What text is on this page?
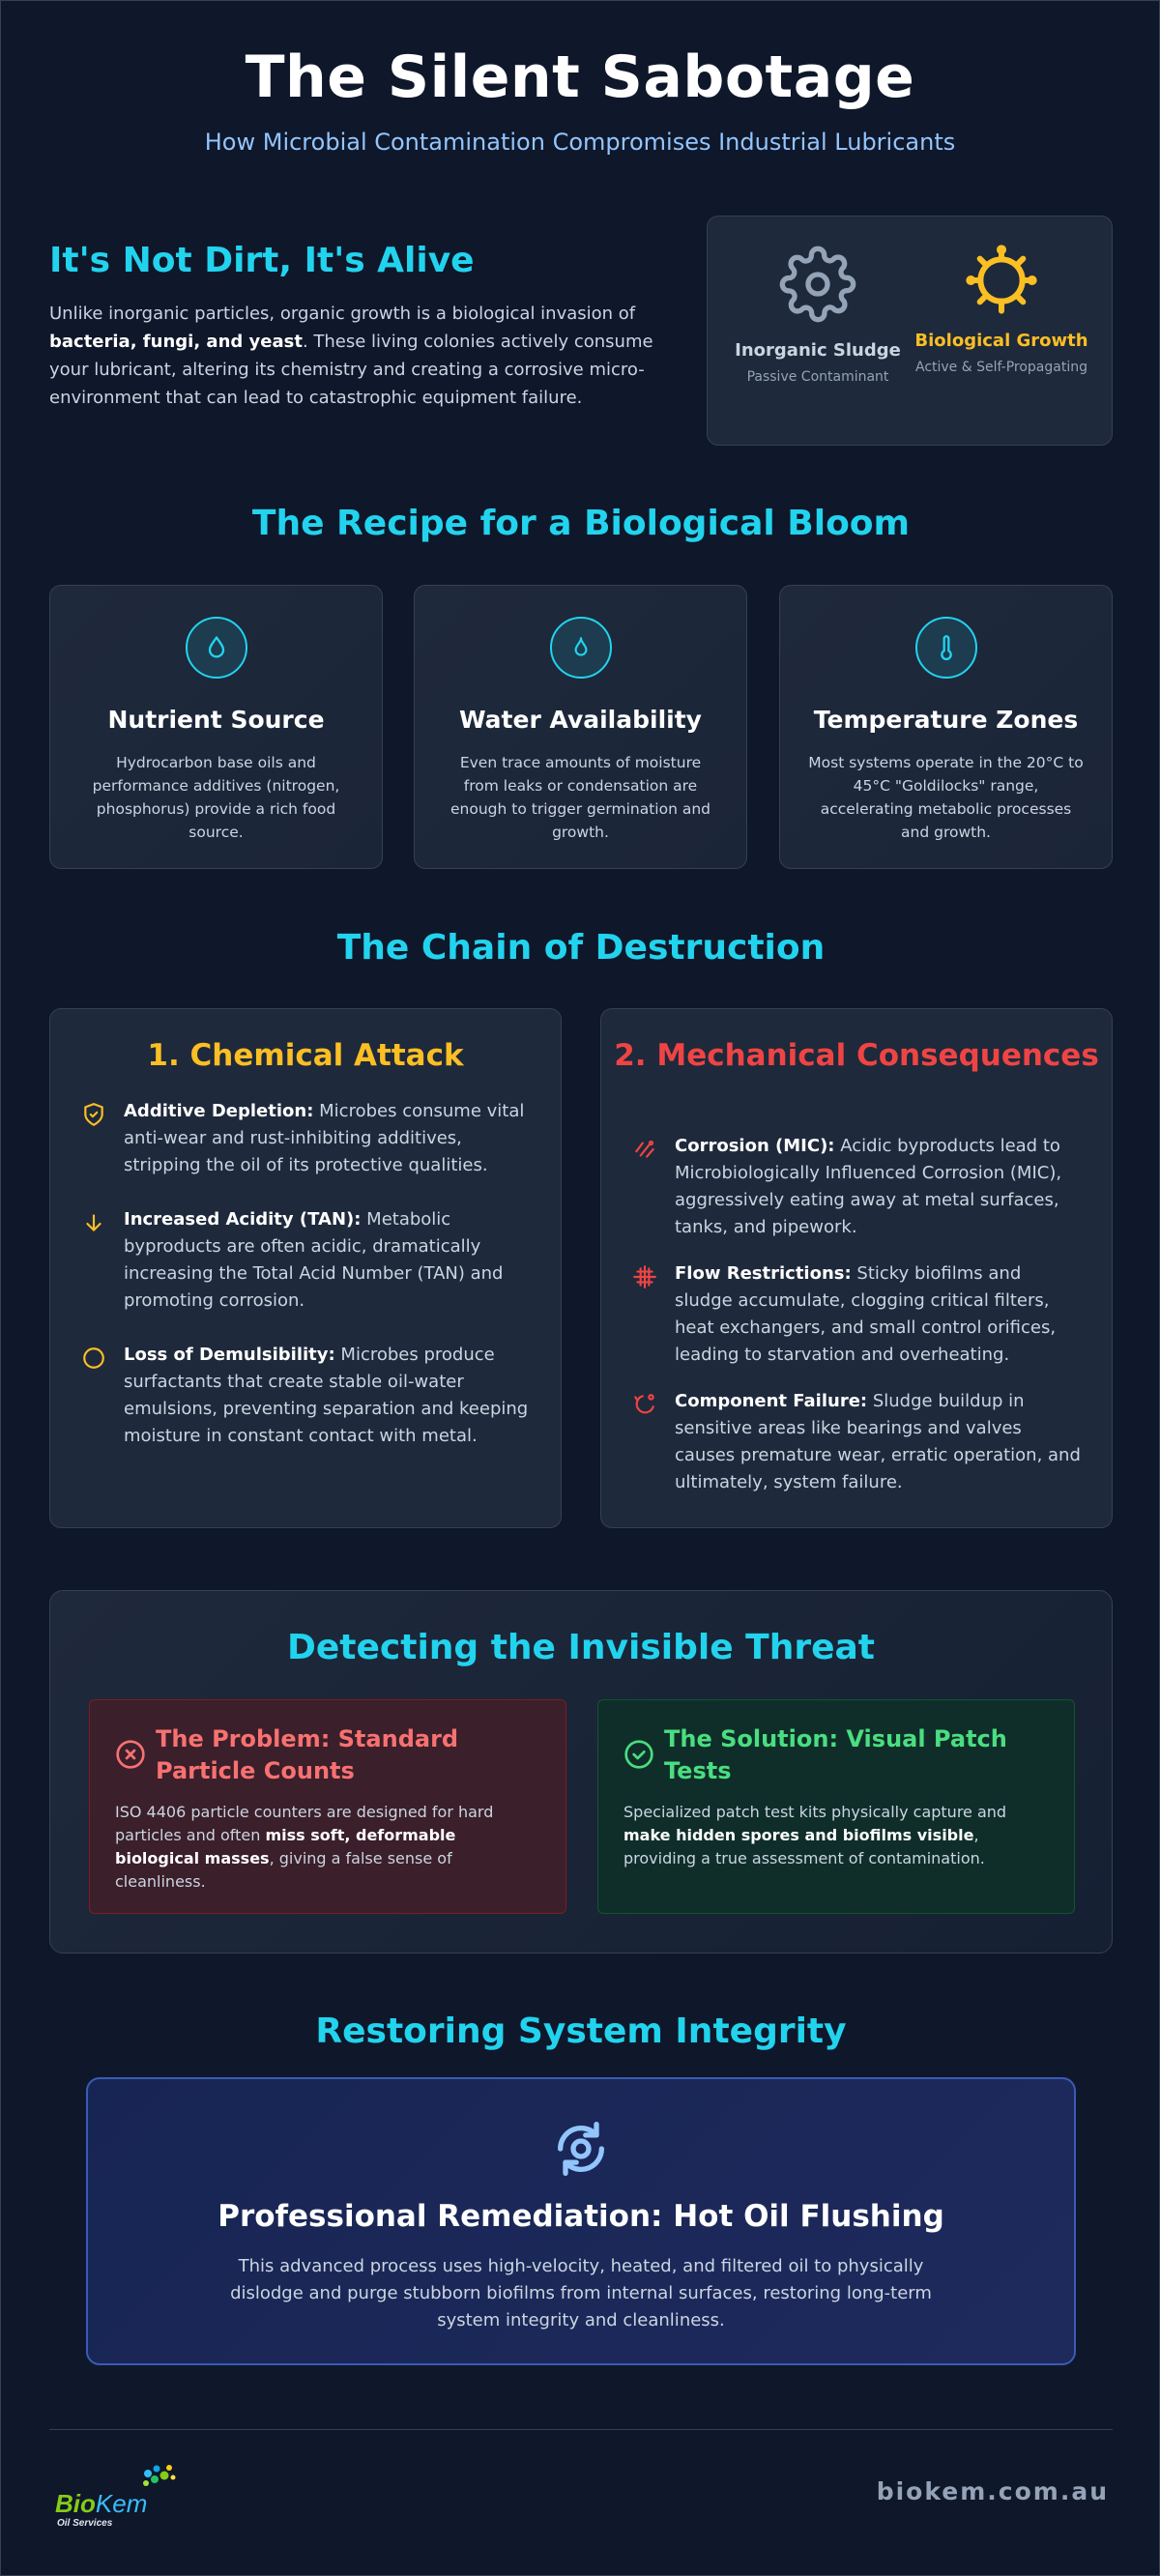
The Silent Sabotage

How Microbial Contamination Compromises Industrial Lubricants

It's Not Dirt, It's Alive

Unlike inorganic particles, organic growth is a biological invasion of bacteria, fungi, and yeast. These living colonies actively consume your lubricant, altering its chemistry and creating a corrosive micro-environment that can lead to catastrophic equipment failure.

Inorganic Sludge
Passive Contaminant
Biological Growth
Active & Self-Propagating
The Recipe for a Biological Bloom
Nutrient Source

Hydrocarbon base oils and performance additives (nitrogen, phosphorus) provide a rich food source.

Water Availability

Even trace amounts of moisture from leaks or condensation are enough to trigger germination and growth.

Temperature Zones

Most systems operate in the 20°C to 45°C "Goldilocks" range, accelerating metabolic processes and growth.

The Chain of Destruction
1. Chemical Attack
Additive Depletion: Microbes consume vital anti-wear and rust-inhibiting additives, stripping the oil of its protective qualities.
Increased Acidity (TAN): Metabolic byproducts are often acidic, dramatically increasing the Total Acid Number (TAN) and promoting corrosion.
Loss of Demulsibility: Microbes produce surfactants that create stable oil-water emulsions, preventing separation and keeping moisture in constant contact with metal.
2. Mechanical Consequences
Corrosion (MIC): Acidic byproducts lead to Microbiologically Influenced Corrosion (MIC), aggressively eating away at metal surfaces, tanks, and pipework.
Flow Restrictions: Sticky biofilms and sludge accumulate, clogging critical filters, heat exchangers, and small control orifices, leading to starvation and overheating.
Component Failure: Sludge buildup in sensitive areas like bearings and valves causes premature wear, erratic operation, and ultimately, system failure.
Detecting the Invisible Threat
The Problem: Standard Particle Counts

ISO 4406 particle counters are designed for hard particles and often miss soft, deformable biological masses, giving a false sense of cleanliness.

The Solution: Visual Patch Tests

Specialized patch test kits physically capture and make hidden spores and biofilms visible, providing a true assessment of contamination.

Restoring System Integrity
Professional Remediation: Hot Oil Flushing

This advanced process uses high-velocity, heated, and filtered oil to physically dislodge and purge stubborn biofilms from internal surfaces, restoring long-term system integrity and cleanliness.

BioKem
Oil Services
biokem.com.au
